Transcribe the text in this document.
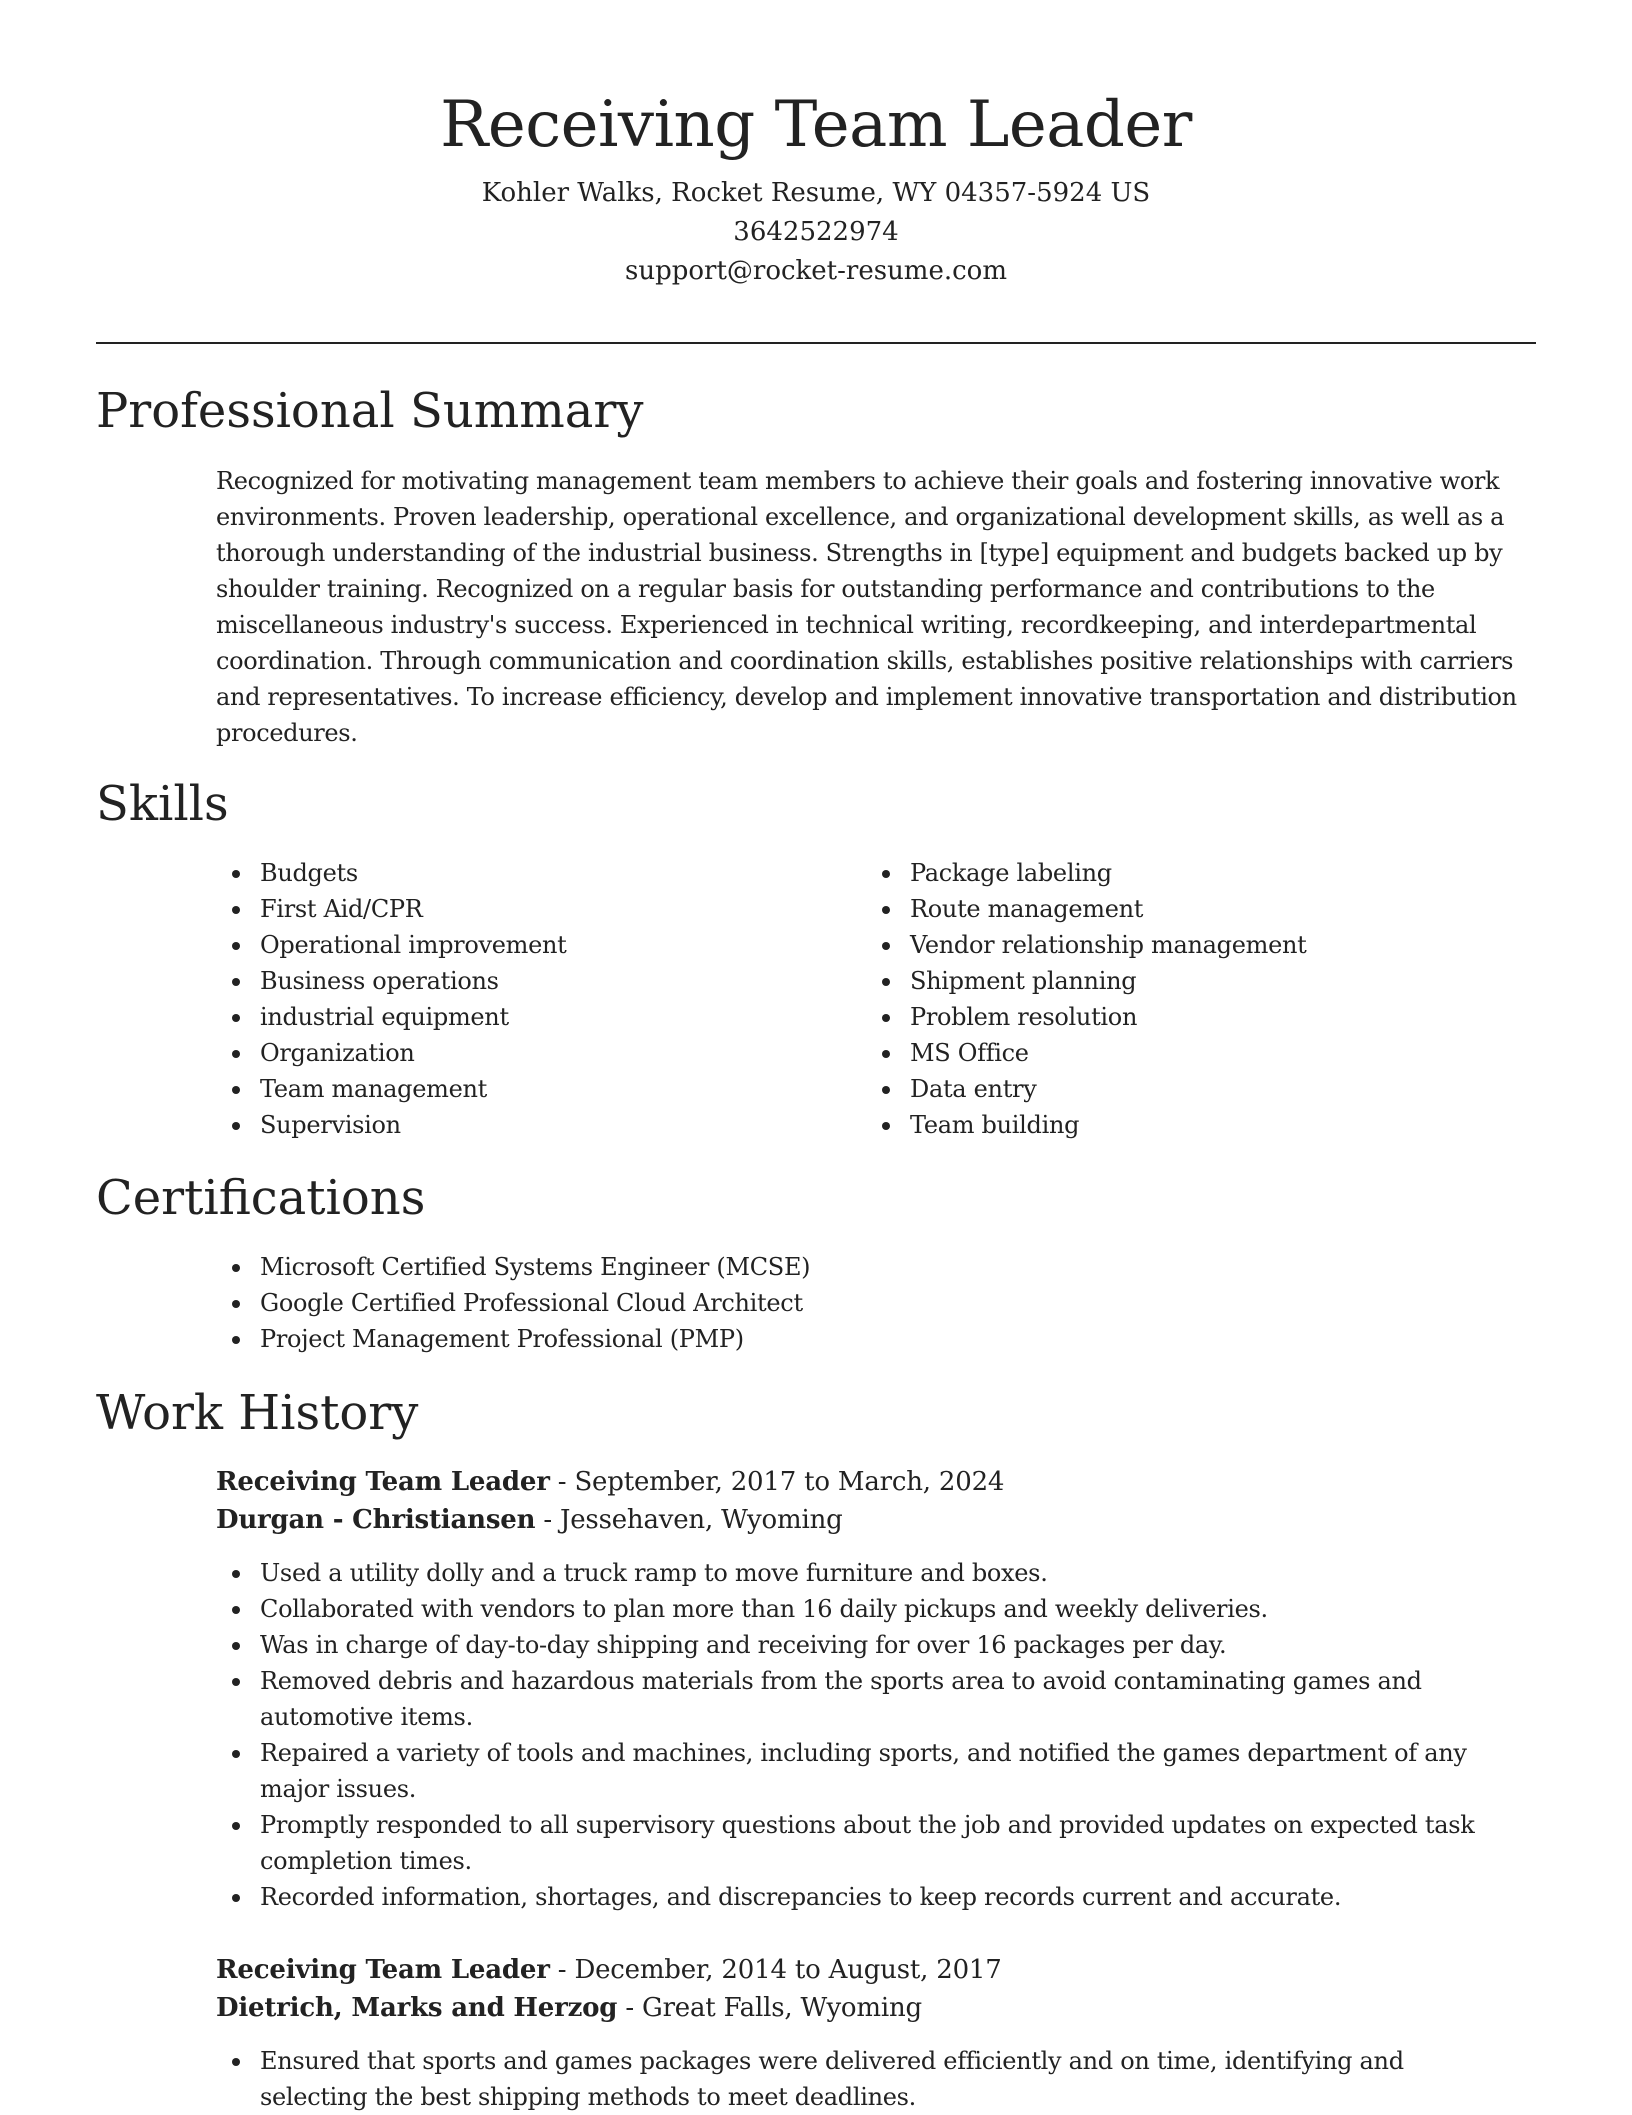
Receiving Team Leader
Kohler Walks, Rocket Resume, WY 04357-5924 US
3642522974
support@rocket-resume.com
Professional Summary

Recognized for motivating management team members to achieve their goals and fostering innovative work environments. Proven leadership, operational excellence, and organizational development skills, as well as a thorough understanding of the industrial business. Strengths in [type] equipment and budgets backed up by shoulder training. Recognized on a regular basis for outstanding performance and contributions to the miscellaneous industry's success. Experienced in technical writing, recordkeeping, and interdepartmental coordination. Through communication and coordination skills, establishes positive relationships with carriers and representatives. To increase efficiency, develop and implement innovative transportation and distribution procedures.

Skills
Budgets
First Aid/CPR
Operational improvement
Business operations
industrial equipment
Organization
Team management
Supervision
Package labeling
Route management
Vendor relationship management
Shipment planning
Problem resolution
MS Office
Data entry
Team building
Certifications
Microsoft Certified Systems Engineer (MCSE)
Google Certified Professional Cloud Architect
Project Management Professional (PMP)
Work History
Receiving Team Leader - September, 2017 to March, 2024
Durgan - Christiansen - Jessehaven, Wyoming
Used a utility dolly and a truck ramp to move furniture and boxes.
Collaborated with vendors to plan more than 16 daily pickups and weekly deliveries.
Was in charge of day-to-day shipping and receiving for over 16 packages per day.
Removed debris and hazardous materials from the sports area to avoid contaminating games and automotive items.
Repaired a variety of tools and machines, including sports, and notified the games department of any major issues.
Promptly responded to all supervisory questions about the job and provided updates on expected task completion times.
Recorded information, shortages, and discrepancies to keep records current and accurate.
Receiving Team Leader - December, 2014 to August, 2017
Dietrich, Marks and Herzog - Great Falls, Wyoming
Ensured that sports and games packages were delivered efficiently and on time, identifying and selecting the best shipping methods to meet deadlines.
